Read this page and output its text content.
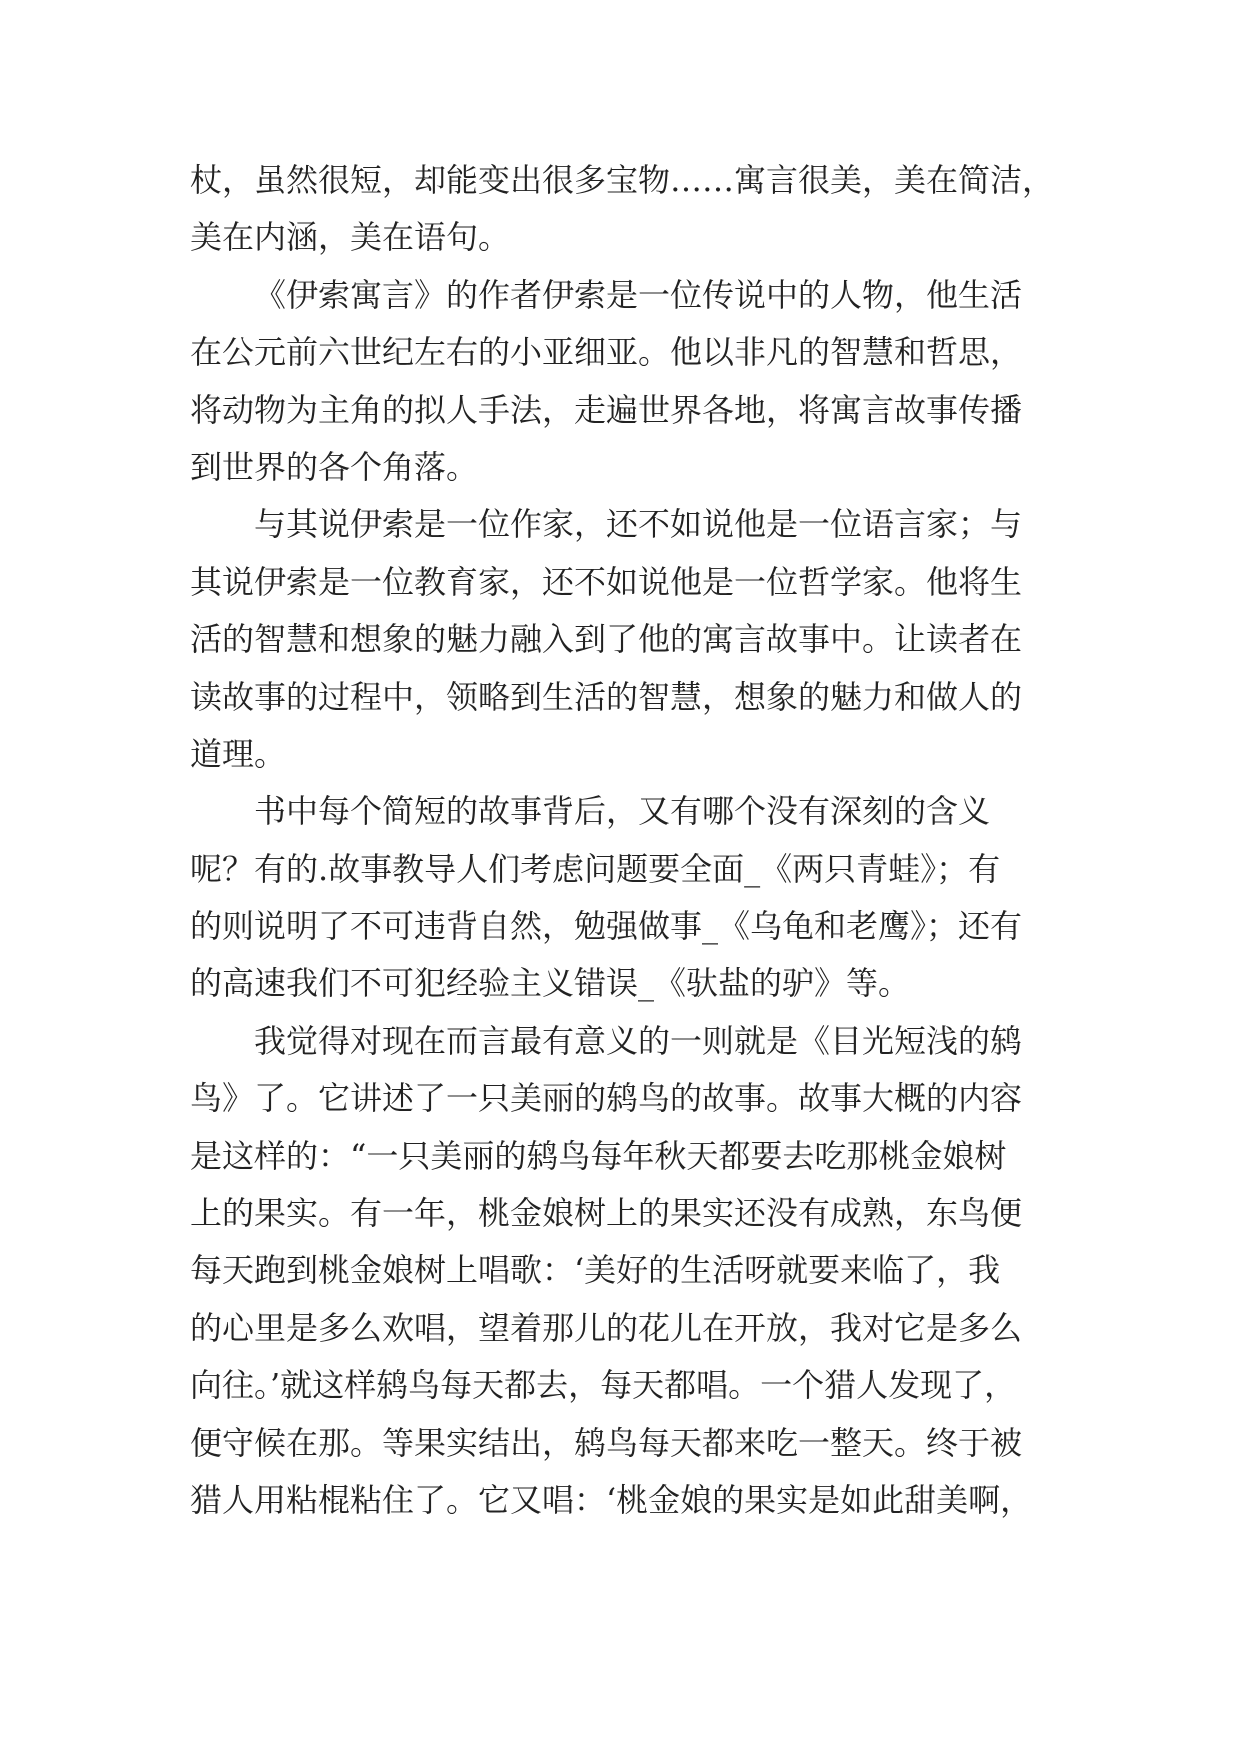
杖，虽然很短，却能变出很多宝物……寓言很美，美在简洁，
美在内涵，美在语句。
《伊索寓言》的作者伊索是一位传说中的人物，他生活
在公元前六世纪左右的小亚细亚。他以非凡的智慧和哲思，
将动物为主角的拟人手法，走遍世界各地，将寓言故事传播
到世界的各个角落。
与其说伊索是一位作家，还不如说他是一位语言家；与
其说伊索是一位教育家，还不如说他是一位哲学家。他将生
活的智慧和想象的魅力融入到了他的寓言故事中。让读者在
读故事的过程中，领略到生活的智慧，想象的魅力和做人的
道理。
书中每个简短的故事背后，又有哪个没有深刻的含义
呢？有的.故事教导人们考虑问题要全面_《两只青蛙》；有
的则说明了不可违背自然，勉强做事_《乌龟和老鹰》；还有
的高速我们不可犯经验主义错误_《驮盐的驴》等。
我觉得对现在而言最有意义的一则就是《目光短浅的鸫
鸟》了。它讲述了一只美丽的鸫鸟的故事。故事大概的内容
是这样的：“一只美丽的鸫鸟每年秋天都要去吃那桃金娘树
上的果实。有一年，桃金娘树上的果实还没有成熟，东鸟便
每天跑到桃金娘树上唱歌：‘美好的生活呀就要来临了，我
的心里是多么欢唱，望着那儿的花儿在开放，我对它是多么
向往。’就这样鸫鸟每天都去，每天都唱。一个猎人发现了，
便守候在那。等果实结出，鸫鸟每天都来吃一整天。终于被
猎人用粘棍粘住了。它又唱：‘桃金娘的果实是如此甜美啊，
